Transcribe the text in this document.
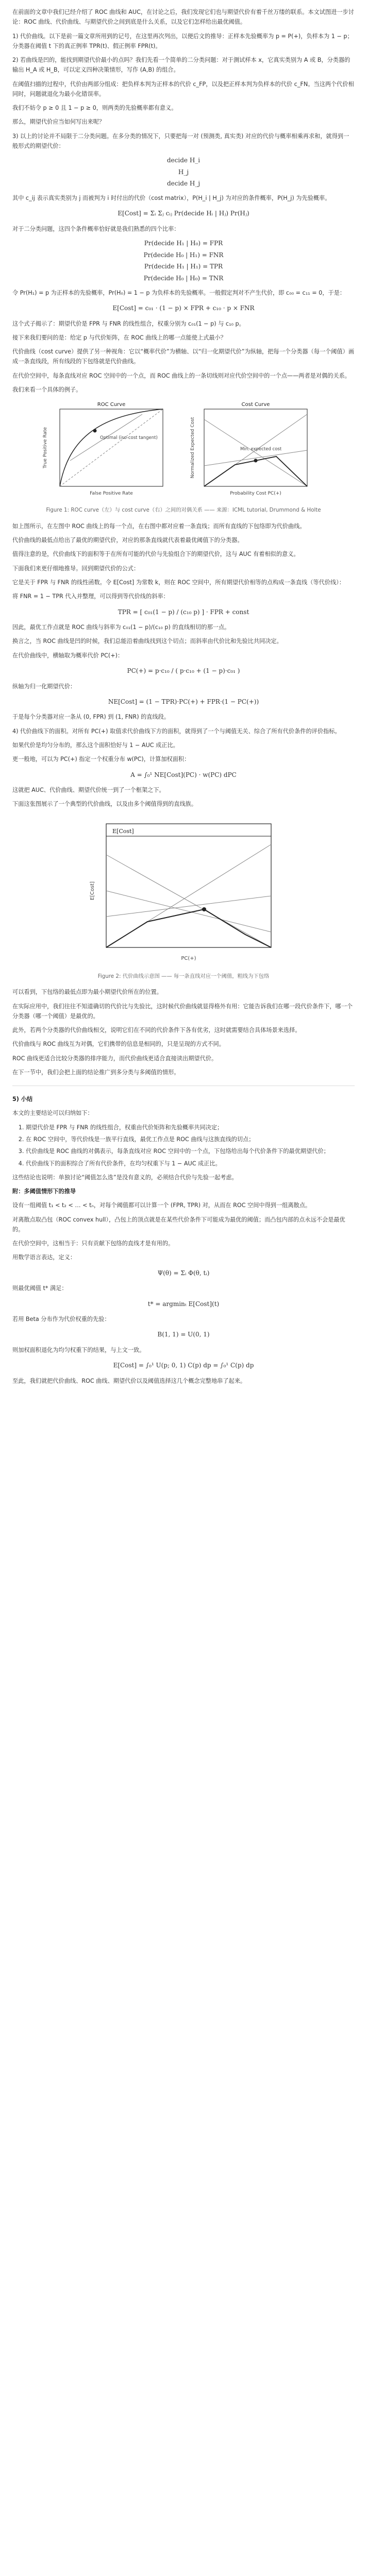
在前面的文章中我们已经介绍了 ROC 曲线和 AUC，在讨论之后，我们发现它们也与期望代价有着千丝万缕的联系。本文试图进一步讨论：ROC 曲线、代价曲线、与期望代价之间到底是什么关系，以及它们怎样给出最优阈值。

1) 代价曲线。以下是前一篇文章所用到的记号，在这里再次列出，以便后文的推导：正样本先验概率为 p = P(+)，负样本为 1 − p；分类器在阈值 t 下的真正例率 TPR(t)、假正例率 FPR(t)。

2) 若曲线是凹的，能找到期望代价最小的点吗？我们先看一个简单的二分类问题：对于测试样本 x，它真实类别为 A 或 B，分类器的输出 H_A 或 H_B，可以定义四种决策情形，写作 (A,B) 的组合。

在阈值扫描的过程中，代价由两部分组成：把负样本判为正样本的代价 c_FP，以及把正样本判为负样本的代价 c_FN。当这两个代价相同时，问题就退化为最小化错误率。

我们不妨令 p ≥ 0 且 1 − p ≥ 0，则两类的先验概率都有意义。

那么，期望代价应当如何写出来呢？

3) 以上的讨论并不局限于二分类问题。在多分类的情况下，只要把每一对 (预测类, 真实类) 对应的代价与概率相乘再求和，就得到一般形式的期望代价：

decide H_i
H_j
decide H_j

其中 c_ij 表示真实类别为 j 而被判为 i 时付出的代价（cost matrix），P(H_i | H_j) 为对应的条件概率，P(H_j) 为先验概率。

E[Cost] = Σᵢ Σⱼ cᵢⱼ Pr(decide Hᵢ | Hⱼ) Pr(Hⱼ)

对于二分类问题，这四个条件概率恰好就是我们熟悉的四个比率：

Pr(decide H₁ | H₀) = FPR
Pr(decide H₀ | H₁) = FNR
Pr(decide H₁ | H₁) = TPR
Pr(decide H₀ | H₀) = TNR

令 Pr(H₁) = p 为正样本的先验概率，Pr(H₀) = 1 − p 为负样本的先验概率。一般假定判对不产生代价，即 c₀₀ = c₁₁ = 0，于是：

E[Cost] = c₀₁ · (1 − p) × FPR + c₁₀ · p × FNR

这个式子揭示了：期望代价是 FPR 与 FNR 的线性组合，权重分别为 c₀₁(1 − p) 与 c₁₀ p。

接下来我们要问的是：给定 p 与代价矩阵，在 ROC 曲线上的哪一点能使上式最小？

代价曲线（cost curve）提供了另一种视角：它以“概率代价”为横轴、以“归一化期望代价”为纵轴，把每一个分类器（每一个阈值）画成一条直线段，所有线段的下包络就是代价曲线。

在代价空间中，每条直线对应 ROC 空间中的一个点，而 ROC 曲线上的一条切线则对应代价空间中的一个点——两者是对偶的关系。

我们来看一个具体的例子。

ROC Curve
False Positive Rate
True Positive Rate	Optimal (iso-cost tangent)
Cost Curve
Probability Cost PC(+)
Normalized Expected Cost	Min. expected cost
Figure 1: ROC curve（左）与 cost curve（右）之间的对偶关系 —— 来源：ICML tutorial, Drummond & Holte

如上图所示，在左图中 ROC 曲线上的每一个点，在右图中都对应着一条直线；而所有直线的下包络即为代价曲线。

代价曲线的最低点给出了最优的期望代价，对应的那条直线就代表着最优阈值下的分类器。

值得注意的是，代价曲线下的面积等于在所有可能的代价与先验组合下的期望代价，这与 AUC 有着相似的意义。

下面我们来更仔细地推导。回到期望代价的公式：

它是关于 FPR 与 FNR 的线性函数。令 E[Cost] 为常数 k，则在 ROC 空间中，所有期望代价相等的点构成一条直线（等代价线）：

将 FNR = 1 − TPR 代入并整理，可以得到等代价线的斜率：

TPR = [ c₀₁(1 − p) / (c₁₀ p) ] · FPR + const

因此，最优工作点就是 ROC 曲线与斜率为 c₀₁(1 − p)/(c₁₀ p) 的直线相切的那一点。

换言之，当 ROC 曲线是凹的时候，我们总能沿着曲线找到这个切点；而斜率由代价比和先验比共同决定。

在代价曲线中，横轴取为概率代价 PC(+)：

PC(+) = p·c₁₀ / ( p·c₁₀ + (1 − p)·c₀₁ )

纵轴为归一化期望代价：

NE[Cost] = (1 − TPR)·PC(+) + FPR·(1 − PC(+))

于是每个分类器对应一条从 (0, FPR) 到 (1, FNR) 的直线段。

4) 代价曲线下的面积。对所有 PC(+) 取值求代价曲线下方的面积，就得到了一个与阈值无关、综合了所有代价条件的评价指标。

如果代价是均匀分布的，那么这个面积恰好与 1 − AUC 成正比。

更一般地，可以为 PC(+) 指定一个权重分布 w(PC)，计算加权面积：

A = ∫₀¹ NE[Cost](PC) · w(PC) dPC

这就把 AUC、代价曲线、期望代价统一到了一个框架之下。

下面这张图展示了一个典型的代价曲线，以及由多个阈值得到的直线族。

E[Cost]
PC(+)
E[Cost]
Figure 2: 代价曲线示意图 —— 每一条直线对应一个阈值，粗线为下包络

可以看到，下包络的最低点即为最小期望代价所在的位置。

在实际应用中，我们往往不知道确切的代价比与先验比，这时候代价曲线就显得格外有用：它能告诉我们在哪一段代价条件下，哪一个分类器（哪一个阈值）是最优的。

此外，若两个分类器的代价曲线相交，说明它们在不同的代价条件下各有优劣，这时就需要结合具体场景来选择。

代价曲线与 ROC 曲线互为对偶，它们携带的信息是相同的，只是呈现的方式不同。

ROC 曲线更适合比较分类器的排序能力，而代价曲线更适合直接读出期望代价。

在下一节中，我们会把上面的结论推广到多分类与多阈值的情形。

5) 小结

本文的主要结论可以归纳如下：

1. 期望代价是 FPR 与 FNR 的线性组合，权重由代价矩阵和先验概率共同决定；
2. 在 ROC 空间中，等代价线是一族平行直线，最优工作点是 ROC 曲线与这族直线的切点；
3. 代价曲线是 ROC 曲线的对偶表示，每条直线对应 ROC 空间中的一个点，下包络给出每个代价条件下的最优期望代价；
4. 代价曲线下的面积综合了所有代价条件，在均匀权重下与 1 − AUC 成正比。

这些结论也说明：单独讨论“阈值怎么选”是没有意义的，必须结合代价与先验一起考虑。

附：多阈值情形下的推导

设有一组阈值 t₁ < t₂ < … < tₙ，对每个阈值都可以计算一个 (FPR, TPR) 对，从而在 ROC 空间中得到一组离散点。

对离散点取凸包（ROC convex hull），凸包上的顶点就是在某些代价条件下可能成为最优的阈值；而凸包内部的点永远不会是最优的。

在代价空间中，这相当于：只有贡献下包络的直线才是有用的。

用数学语言表达，定义：

Ψ(θ) = Σᵢ Φ(θ, tᵢ)

则最优阈值 t* 满足：

t* = argminₜ E[Cost](t)

若用 Beta 分布作为代价权重的先验：

B(1, 1) = U(0, 1)

则加权面积退化为均匀权重下的结果，与上文一致。

E[Cost] = ∫₀¹ U(p; 0, 1) C(p) dp = ∫₀¹ C(p) dp

至此，我们就把代价曲线、ROC 曲线、期望代价以及阈值选择这几个概念完整地串了起来。
